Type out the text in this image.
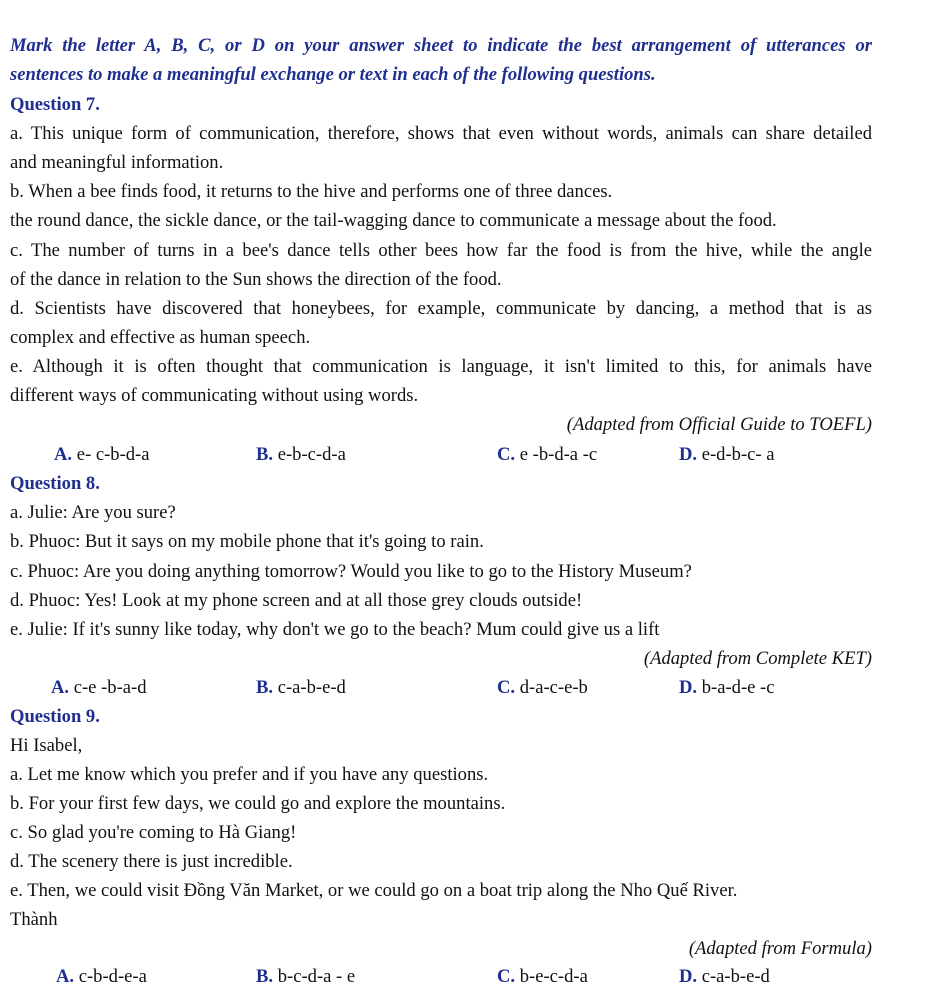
Mark the letter A, B, C, or D on your answer sheet to indicate the best arrangement of utterances or
sentences to make a meaningful exchange or text in each of the following questions.
Question 7.
a. This unique form of communication, therefore, shows that even without words, animals can share detailed
and meaningful information.
b. When a bee finds food, it returns to the hive and performs one of three dances.
the round dance, the sickle dance, or the tail-wagging dance to communicate a message about the food.
c. The number of turns in a bee's dance tells other bees how far the food is from the hive, while the angle
of the dance in relation to the Sun shows the direction of the food.
d. Scientists have discovered that honeybees, for example, communicate by dancing, a method that is as
complex and effective as human speech.
e. Although it is often thought that communication is language, it isn't limited to this, for animals have
different ways of communicating without using words.
(Adapted from Official Guide to TOEFL)
A. e- c-b-d-a	B. e-b-c-d-a	C. e -b-d-a -c	D. e-d-b-c- a
Question 8.
a. Julie: Are you sure?
b. Phuoc: But it says on my mobile phone that it's going to rain.
c. Phuoc: Are you doing anything tomorrow? Would you like to go to the History Museum?
d. Phuoc: Yes! Look at my phone screen and at all those grey clouds outside!
e. Julie: If it's sunny like today, why don't we go to the beach? Mum could give us a lift
(Adapted from Complete KET)
A. c-e -b-a-d	B. c-a-b-e-d	C. d-a-c-e-b	D. b-a-d-e -c
Question 9.
Hi Isabel,
a. Let me know which you prefer and if you have any questions.
b. For your first few days, we could go and explore the mountains.
c. So glad you're coming to Hà Giang!
d. The scenery there is just incredible.
e. Then, we could visit Đồng Văn Market, or we could go on a boat trip along the Nho Quế River.
Thành
(Adapted from Formula)
A. c-b-d-e-a	B. b-c-d-a - e	C. b-e-c-d-a	D. c-a-b-e-d
